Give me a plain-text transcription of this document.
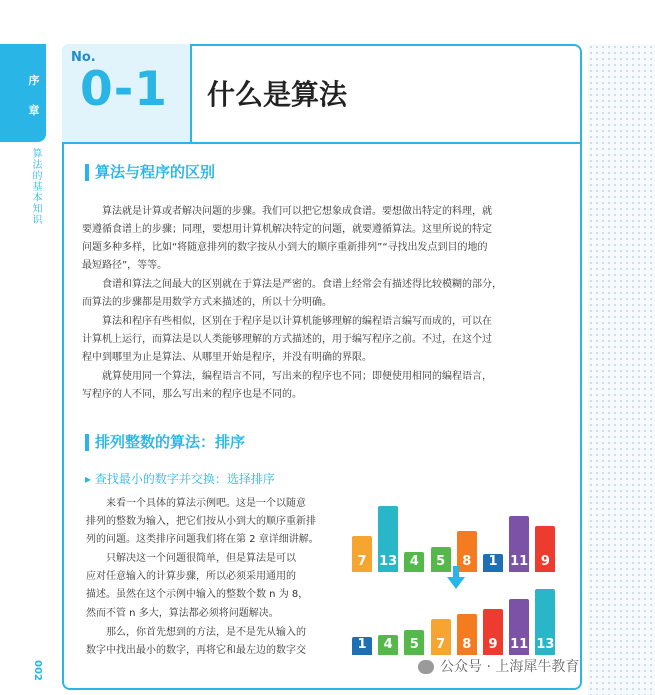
序
章
算法的基本知识
002
No.
0-1 什么是算法
算法与程序的区别

算法就是计算或者解决问题的步骤。我们可以把它想象成食谱。要想做出特定的料理，就

要遵循食谱上的步骤；同理，要想用计算机解决特定的问题，就要遵循算法。这里所说的特定

问题多种多样，比如“将随意排列的数字按从小到大的顺序重新排列”“寻找出发点到目的地的

最短路径”，等等。

食谱和算法之间最大的区别就在于算法是严密的。食谱上经常会有描述得比较模糊的部分，

而算法的步骤都是用数学方式来描述的，所以十分明确。

算法和程序有些相似，区别在于程序是以计算机能够理解的编程语言编写而成的，可以在

计算机上运行，而算法是以人类能够理解的方式描述的，用于编写程序之前。不过，在这个过

程中到哪里为止是算法、从哪里开始是程序，并没有明确的界限。

就算使用同一个算法，编程语言不同，写出来的程序也不同；即便使用相同的编程语言，

写程序的人不同，那么写出来的程序也是不同的。

排列整数的算法：排序
▸ 查找最小的数字并交换：选择排序

来看一个具体的算法示例吧。这是一个以随意

排列的整数为输入，把它们按从小到大的顺序重新排

列的问题。这类排序问题我们将在第 2 章详细讲解。

只解决这一个问题很简单，但是算法是可以

应对任意输入的计算步骤，所以必须采用通用的

描述。虽然在这个示例中输入的整数个数 n 为 8，

然而不管 n 多大，算法都必须将问题解决。

那么，你首先想到的方法，是不是先从输入的

数字中找出最小的数字，再将它和最左边的数字交

7 13 4	5	8	1 11 9
1	4	5	7	8	9 11 13
公众号 · 上海犀牛教育
